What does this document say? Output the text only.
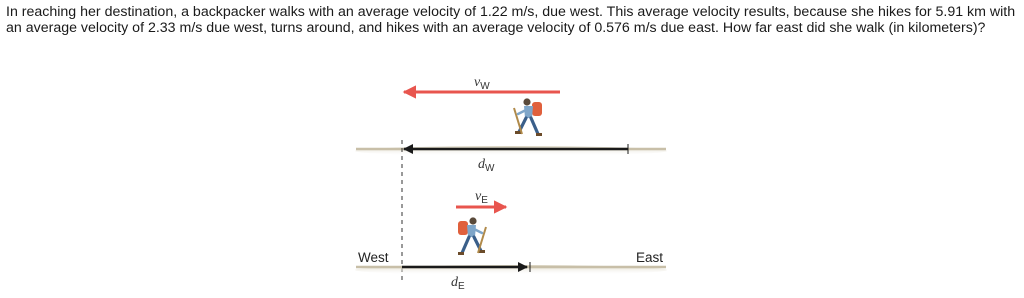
In reaching her destination, a backpacker walks with an average velocity of 1.22 m/s, due west. This average velocity results, because she hikes for 5.91 km with an average velocity of 2.33 m/s due west, turns around, and hikes with an average velocity of 0.576 m/s due east. How far east did she walk (in kilometers)?

$v_W$
$d_W$
$v_E$
$d_E$
West	East
